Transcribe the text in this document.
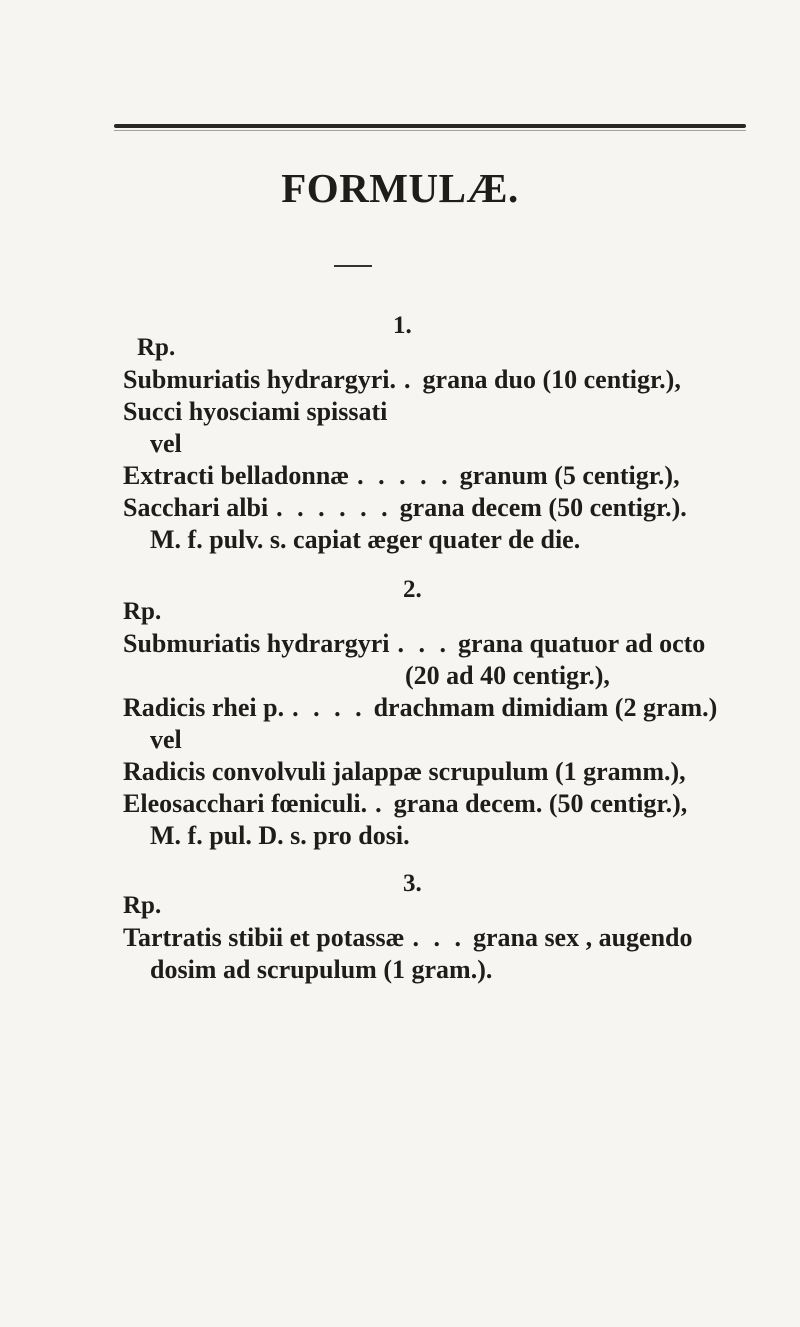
FORMULÆ.
1.
Rp.
Submuriatis hydrargyri. . grana duo (10 centigr.),
Succi hyosciami spissati
vel
Extracti belladonnæ . . . . . granum (5 centigr.),
Sacchari albi . . . . . . grana decem (50 centigr.).
M. f. pulv. s. capiat æger quater de die.
2.
Rp.
Submuriatis hydrargyri . . . grana quatuor ad octo
(20 ad 40 centigr.),
Radicis rhei p. . . . . drachmam dimidiam (2 gram.)
vel
Radicis convolvuli jalappæ scrupulum (1 gramm.),
Eleosacchari fœniculi. . grana decem. (50 centigr.),
M. f. pul. D. s. pro dosi.
3.
Rp.
Tartratis stibii et potassæ . . . grana sex , augendo
dosim ad scrupulum (1 gram.).
